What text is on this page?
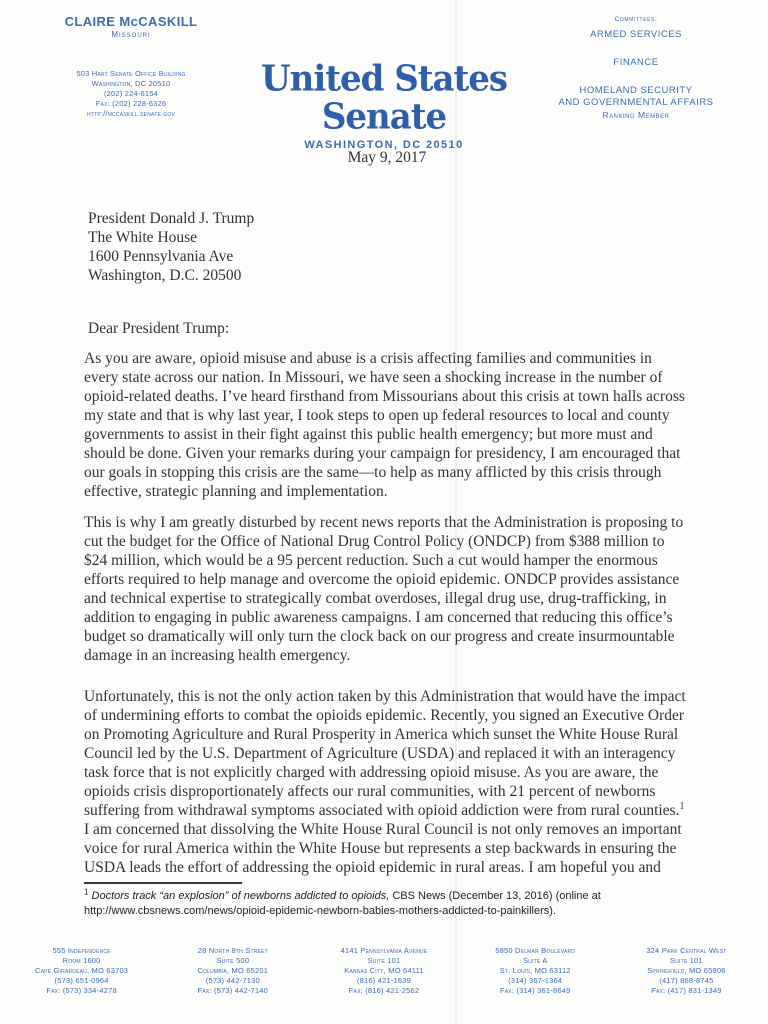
CLAIRE McCASKILL
Missouri
503 Hart Senate Office Building
Washington, DC 20510
(202) 224-6154
Fax: (202) 228-6326
http://mccaskill.senate.gov
United States Senate
WASHINGTON, DC 20510
Committees:
ARMED SERVICES
FINANCE
HOMELAND SECURITY
AND GOVERNMENTAL AFFAIRS
Ranking Member
May 9, 2017
President Donald J. Trump
The White House
1600 Pennsylvania Ave
Washington, D.C. 20500
Dear President Trump:

As you are aware, opioid misuse and abuse is a crisis affecting families and communities in every state across our nation. In Missouri, we have seen a shocking increase in the number of opioid-related deaths. I’ve heard firsthand from Missourians about this crisis at town halls across my state and that is why last year, I took steps to open up federal resources to local and county governments to assist in their fight against this public health emergency; but more must and should be done. Given your remarks during your campaign for presidency, I am encouraged that our goals in stopping this crisis are the same—to help as many afflicted by this crisis through effective, strategic planning and implementation.

This is why I am greatly disturbed by recent news reports that the Administration is proposing to cut the budget for the Office of National Drug Control Policy (ONDCP) from $388 million to $24 million, which would be a 95 percent reduction. Such a cut would hamper the enormous efforts required to help manage and overcome the opioid epidemic. ONDCP provides assistance and technical expertise to strategically combat overdoses, illegal drug use, drug-trafficking, in addition to engaging in public awareness campaigns. I am concerned that reducing this office’s budget so dramatically will only turn the clock back on our progress and create insurmountable damage in an increasing health emergency.

Unfortunately, this is not the only action taken by this Administration that would have the impact of undermining efforts to combat the opioids epidemic. Recently, you signed an Executive Order on Promoting Agriculture and Rural Prosperity in America which sunset the White House Rural Council led by the U.S. Department of Agriculture (USDA) and replaced it with an interagency task force that is not explicitly charged with addressing opioid misuse. As you are aware, the opioids crisis disproportionately affects our rural communities, with 21 percent of newborns suffering from withdrawal symptoms associated with opioid addiction were from rural counties.$^1$ I am concerned that dissolving the White House Rural Council is not only removes an important voice for rural America within the White House but represents a step backwards in ensuring the USDA leads the effort of addressing the opioid epidemic in rural areas. I am hopeful you and

$^1$ Doctors track “an explosion” of newborns addicted to opioids, CBS News (December 13, 2016) (online at http://www.cbsnews.com/news/opioid-epidemic-newborn-babies-mothers-addicted-to-painkillers).
555 Independence
Room 1600
Cape Girardeau, MO 63703
(573) 651-0964
Fax: (573) 334-4278
28 North 8th Street
Suite 500
Columbia, MO 65201
(573) 442-7130
Fax: (573) 442-7140
4141 Pennsylvania Avenue
Suite 101
Kansas City, MO 64111
(816) 421-1639
Fax: (816) 421-2562
5850 Delmar Boulevard
Suite A
St. Louis, MO 63112
(314) 367-1364
Fax: (314) 361-8649
324 Park Central West
Suite 101
Springfield, MO 65806
(417) 868-8745
Fax: (417) 831-1349
